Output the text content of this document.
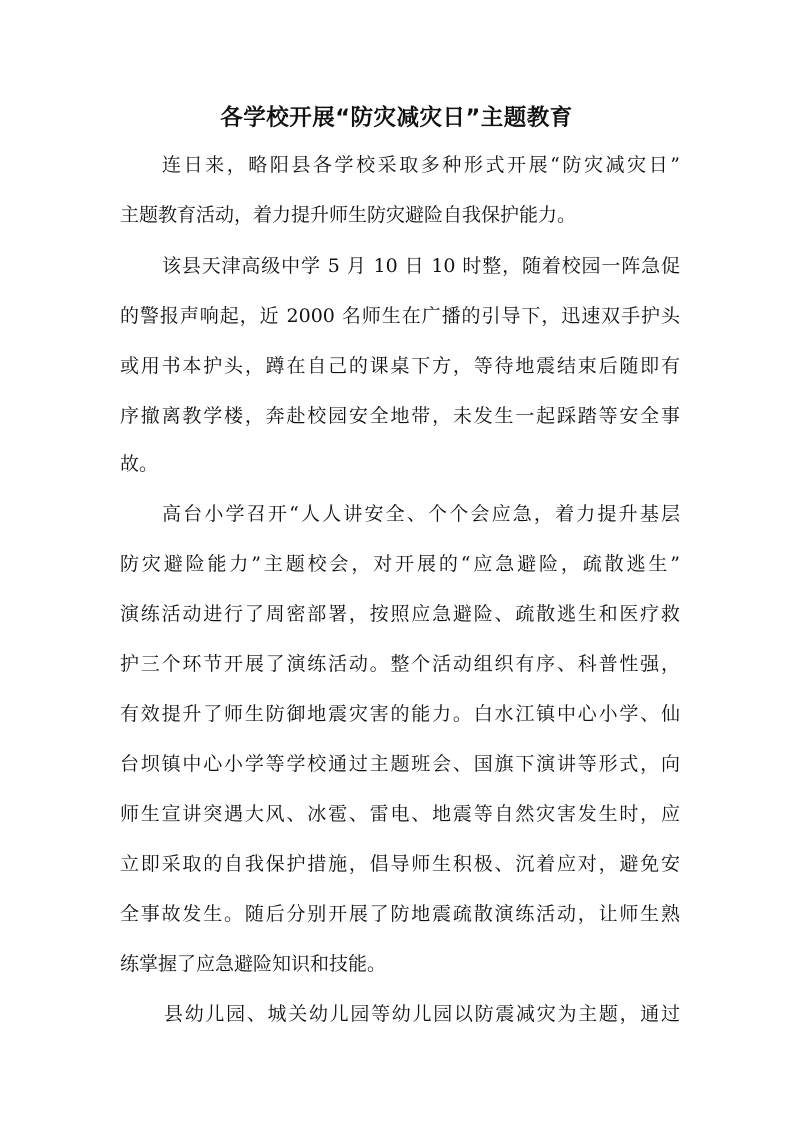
各学校开展“防灾减灾日”主题教育

连日来，略阳县各学校采取多种形式开展“防灾减灾日”

主题教育活动，着力提升师生防灾避险自我保护能力。

该县天津高级中学 5 月 10 日 10 时整，随着校园一阵急促

的警报声响起，近 2000 名师生在广播的引导下，迅速双手护头

或用书本护头，蹲在自己的课桌下方，等待地震结束后随即有

序撤离教学楼，奔赴校园安全地带，未发生一起踩踏等安全事

故。

高台小学召开“人人讲安全、个个会应急，着力提升基层

防灾避险能力”主题校会，对开展的“应急避险，疏散逃生”

演练活动进行了周密部署，按照应急避险、疏散逃生和医疗救

护三个环节开展了演练活动。整个活动组织有序、科普性强，

有效提升了师生防御地震灾害的能力。白水江镇中心小学、仙

台坝镇中心小学等学校通过主题班会、国旗下演讲等形式，向

师生宣讲突遇大风、冰雹、雷电、地震等自然灾害发生时，应

立即采取的自我保护措施，倡导师生积极、沉着应对，避免安

全事故发生。随后分别开展了防地震疏散演练活动，让师生熟

练掌握了应急避险知识和技能。

县幼儿园、城关幼儿园等幼儿园以防震减灾为主题，通过
